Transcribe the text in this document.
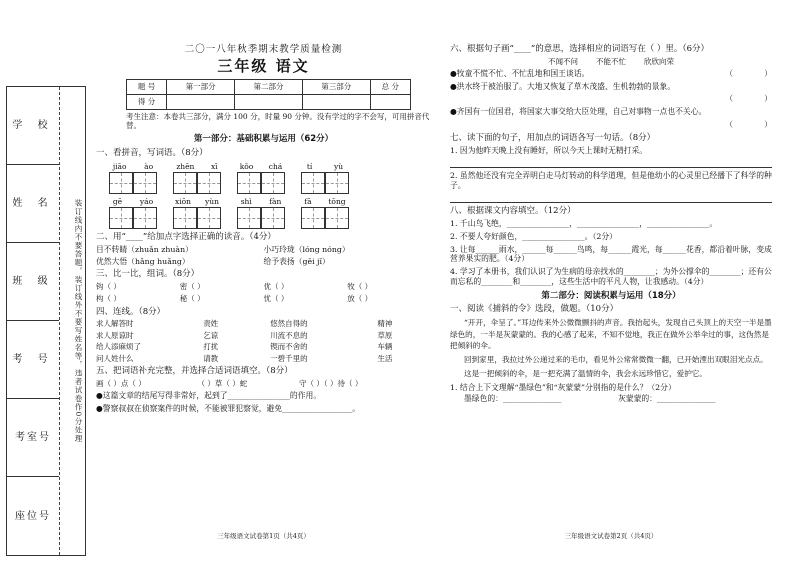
学 校
姓 名
班 级
考 号
考室号
座位号
装订线内不要答题，装订线外不要写姓名等，违者试卷作0分处理
二〇一八年秋季期末教学质量检测
三年级 语文
题 号	第一部分	第二部分	第三部分	总 分
得 分				
考生注意：本卷共三部分，满分 100 分，时量 90 分钟。没有学过的字不会写，可用拼音代替。
第一部分：基础积累与运用（62分）
一、看拼音，写词语。（8分）
jiāo ào	zhēn xī	kǒo chá	tí	yù
gē yáo	xiōn yùn	shì fàn	fā tōng
二、用“____”给加点字选择正确的读音。（4分）
目不转睛（zhuǎn zhuàn）	小巧玲珑（lóng nóng）
优然大悟（hǎng huǎng）	给予表扬（gěi jǐ）
三、比一比，组词。（8分）
钩（ ）	密（ ）	优（ ）	牧（ ）
构（ ）	秘（ ）	忧（ ）	放（ ）
四、连线。（8分）
求人解答时	责姓	悠然自得的	精神
求人原谅时	乞谅	川流不息的	草原
给人添麻烦了	打扰	锲而不舍的	车辆
问人姓什么	请教	一碧千里的	生活
五、把词语补充完整，并选择合适词语填空。（8分）
画（ ）点（ ）	（ ）草（ ）蛇	守（ ）（ ）待（ ）
●这篇文章的结尾写得非常好，起到了________________的作用。
●警察叔叔在侦察案件的时候，不能被罪犯察觉，避免__________________。
三年级语文试卷第1页（共4页）
六、根据句子画“____”的意思，选择相应的词语写在（ ）里。（6分）
不闻不问 不能不忙 欣欣向荣
●牧童不慌不忙、不忙乱地和国王谈话。	（　　　　）
●洪水终于被治服了。大地又恢复了草木茂盛、生机勃勃的景象。
（　　　　）
●齐国有一位国君，将国家大事交给大臣处理，自己对事物一点也不关心。
（　　　　）
七、读下面的句子，用加点的词语各写一句话。（8分）
1. 因为他昨天晚上没有睡好，所以今天上课时无精打采。
2. 虽然他还没有完全弄明白走马灯转动的科学道理，但是他幼小的心灵里已经播下了科学的种子。
八、根据课文内容填空。（12分）
1. 千山鸟飞绝，________________，________________，________________。
2. 不要人夸好颜色，________________。（2分）
3. 让每______雨水，______每______鸟鸣，每______霞光，每______花香，都沿着叶脉，变成营养果实的肥。（4分）
4. 学习了本册书，我们认识了为生病的母亲找水的________；为外公撑伞的________；还有公而忘私的________和________，这些生活中的平凡人物，让我感动。（4分）
第二部分：阅读积累与运用（18分）
一、阅读《捕斜的令》选段，做题。（10分）
“开开，伞呈了。”耳边传来外公微微颤抖的声音。我抬起头，发现自己头顶上的天空一半是墨绿色的，一半是灰蒙蒙的。我的心感了起来，不知不觉地，我正在做外公举伞过的事，这伪然是把倾斜的伞。
回到家里，我拉过外公递过来的毛巾，看见外公常常微微一翻，已开始湮出双眼泪光点点。
这是一把倾斜的伞，是一把充满了温情的伞，我会永远珍惜它，爱护它。
1. 结合上下文理解“墨绿色”和“灰蒙蒙”分别指的是什么？（2分）
墨绿色的：_______________	灰蒙蒙的：_______________
三年级语文试卷第2页（共4页）
